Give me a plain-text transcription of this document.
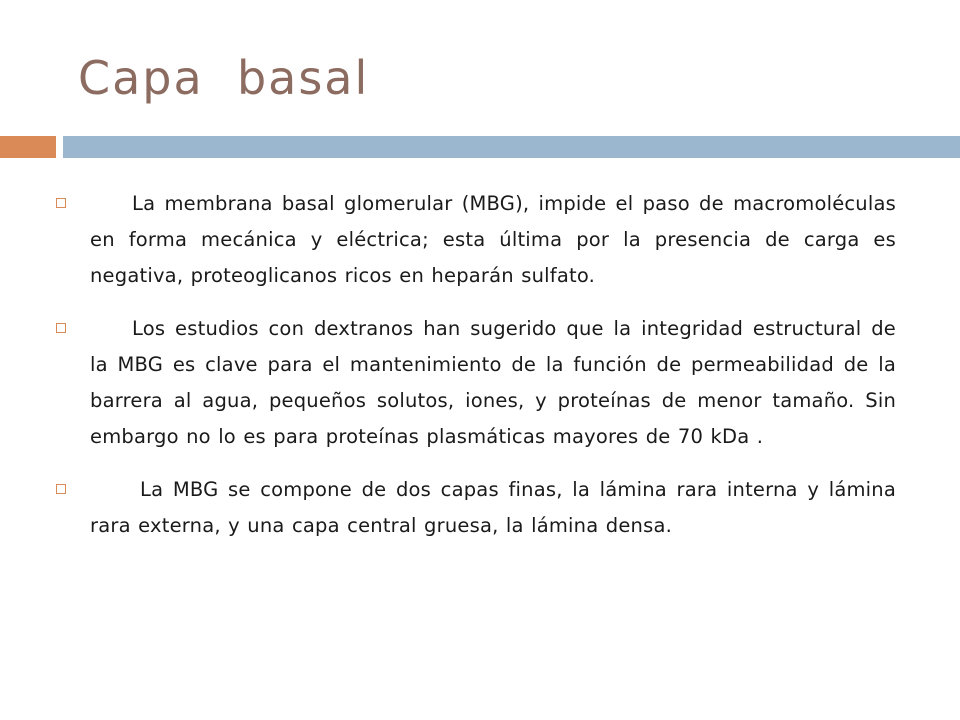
Capa  basal
La membrana basal glomerular (MBG), impide el paso de macromoléculas en forma mecánica y eléctrica; esta última por la presencia de carga es negativa, proteoglicanos ricos en heparán sulfato.
Los estudios con dextranos han sugerido que la integridad estructural de la MBG es clave para el mantenimiento de la función de permeabilidad de la barrera al agua, pequeños solutos, iones, y proteínas de menor tamaño. Sin embargo no lo es para proteínas plasmáticas mayores de 70 kDa .
La MBG se compone de dos capas finas, la lámina rara interna y lámina rara externa, y una capa central gruesa, la lámina densa.
